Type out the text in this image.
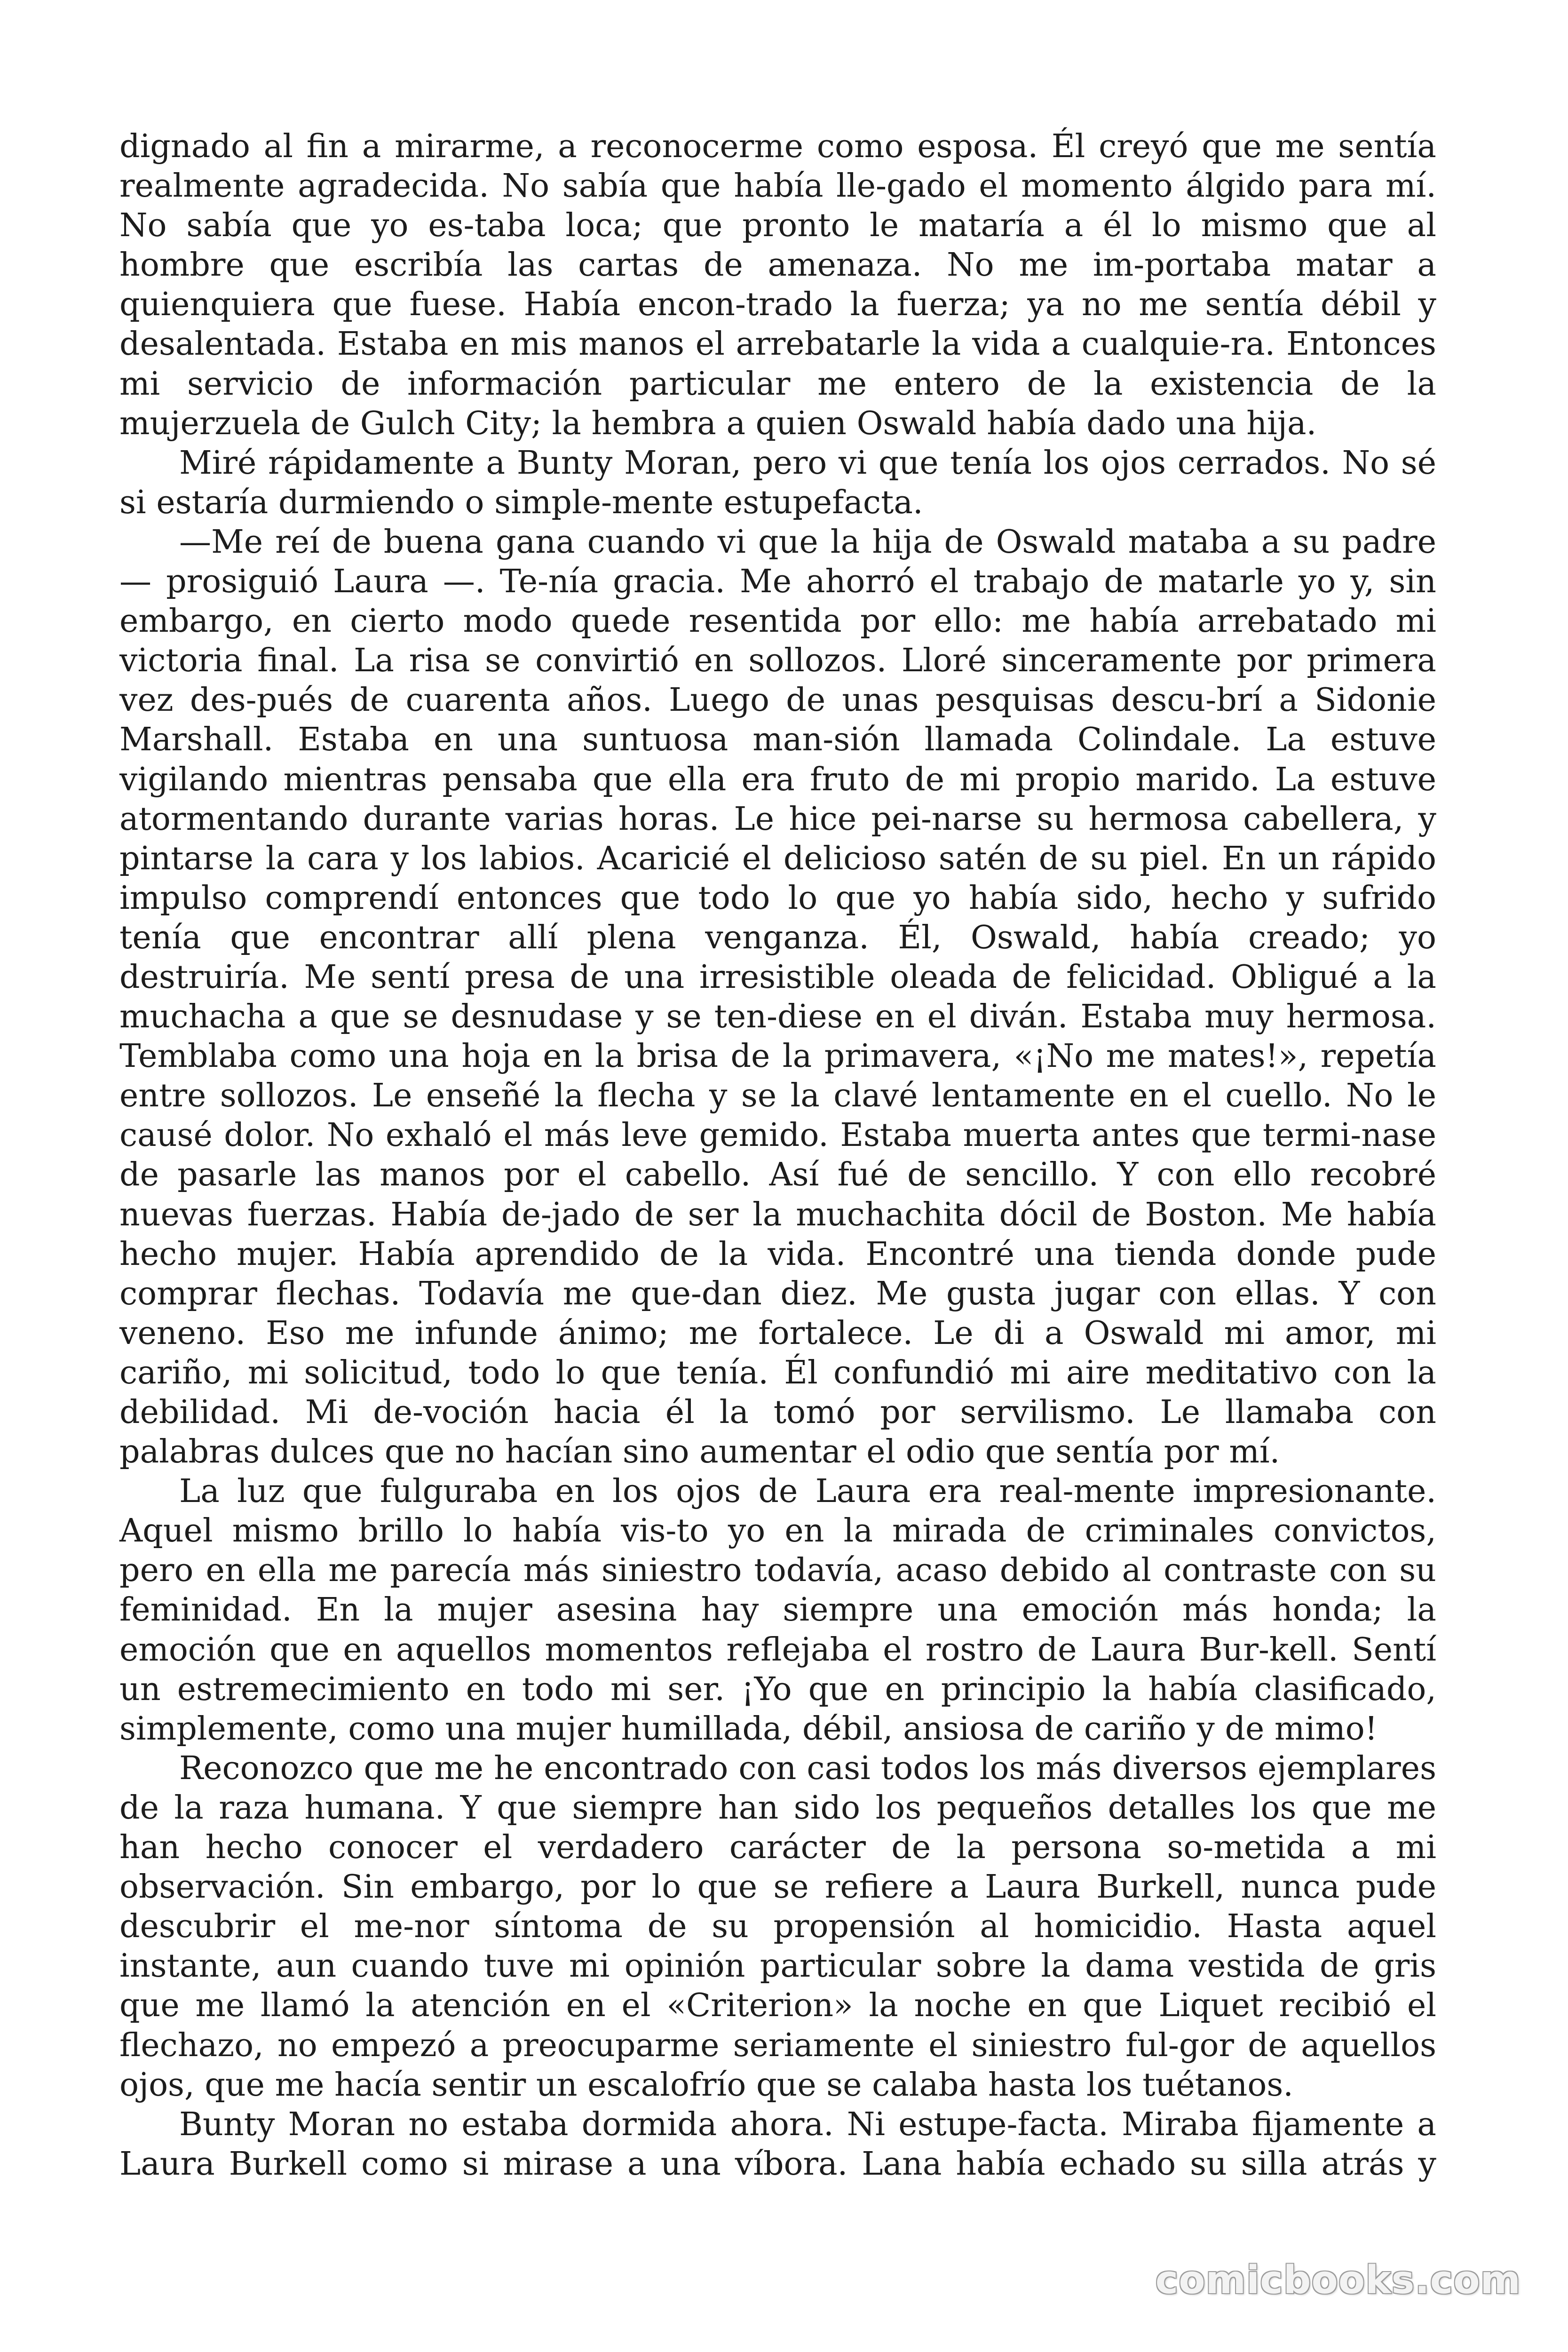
dignado al fin a mirarme, a reconocerme como esposa. Él creyó que me sentía
realmente agradecida. No sabía que había lle-gado el momento álgido para mí.
No sabía que yo es-taba loca; que pronto le mataría a él lo mismo que al
hombre que escribía las cartas de amenaza. No me im-portaba matar a
quienquiera que fuese. Había encon-trado la fuerza; ya no me sentía débil y
desalentada. Estaba en mis manos el arrebatarle la vida a cualquie-ra. Entonces
mi servicio de información particular me entero de la existencia de la
mujerzuela de Gulch City; la hembra a quien Oswald había dado una hija.
Miré rápidamente a Bunty Moran, pero vi que tenía los ojos cerrados. No sé
si estaría durmiendo o simple-mente estupefacta.
—Me reí de buena gana cuando vi que la hija de Oswald mataba a su padre
— prosiguió Laura —. Te-nía gracia. Me ahorró el trabajo de matarle yo y, sin
embargo, en cierto modo quede resentida por ello: me había arrebatado mi
victoria final. La risa se convirtió en sollozos. Lloré sinceramente por primera
vez des-pués de cuarenta años. Luego de unas pesquisas descu-brí a Sidonie
Marshall. Estaba en una suntuosa man-sión llamada Colindale. La estuve
vigilando mientras pensaba que ella era fruto de mi propio marido. La estuve
atormentando durante varias horas. Le hice pei-narse su hermosa cabellera, y
pintarse la cara y los labios. Acaricié el delicioso satén de su piel. En un rápido
impulso comprendí entonces que todo lo que yo había sido, hecho y sufrido
tenía que encontrar allí plena venganza. Él, Oswald, había creado; yo
destruiría. Me sentí presa de una irresistible oleada de felicidad. Obligué a la
muchacha a que se desnudase y se ten-diese en el diván. Estaba muy hermosa.
Temblaba como una hoja en la brisa de la primavera, «¡No me mates!», repetía
entre sollozos. Le enseñé la flecha y se la clavé lentamente en el cuello. No le
causé dolor. No exhaló el más leve gemido. Estaba muerta antes que termi-nase
de pasarle las manos por el cabello. Así fué de sencillo. Y con ello recobré
nuevas fuerzas. Había de-jado de ser la muchachita dócil de Boston. Me había
hecho mujer. Había aprendido de la vida. Encontré una tienda donde pude
comprar flechas. Todavía me que-dan diez. Me gusta jugar con ellas. Y con
veneno. Eso me infunde ánimo; me fortalece. Le di a Oswald mi amor, mi
cariño, mi solicitud, todo lo que tenía. Él confundió mi aire meditativo con la
debilidad. Mi de-voción hacia él la tomó por servilismo. Le llamaba con
palabras dulces que no hacían sino aumentar el odio que sentía por mí.
La luz que fulguraba en los ojos de Laura era real-mente impresionante.
Aquel mismo brillo lo había vis-to yo en la mirada de criminales convictos,
pero en ella me parecía más siniestro todavía, acaso debido al contraste con su
feminidad. En la mujer asesina hay siempre una emoción más honda; la
emoción que en aquellos momentos reflejaba el rostro de Laura Bur-kell. Sentí
un estremecimiento en todo mi ser. ¡Yo que en principio la había clasificado,
simplemente, como una mujer humillada, débil, ansiosa de cariño y de mimo!
Reconozco que me he encontrado con casi todos los más diversos ejemplares
de la raza humana. Y que siempre han sido los pequeños detalles los que me
han hecho conocer el verdadero carácter de la persona so-metida a mi
observación. Sin embargo, por lo que se refiere a Laura Burkell, nunca pude
descubrir el me-nor síntoma de su propensión al homicidio. Hasta aquel
instante, aun cuando tuve mi opinión particular sobre la dama vestida de gris
que me llamó la atención en el «Criterion» la noche en que Liquet recibió el
flechazo, no empezó a preocuparme seriamente el siniestro ful-gor de aquellos
ojos, que me hacía sentir un escalofrío que se calaba hasta los tuétanos.
Bunty Moran no estaba dormida ahora. Ni estupe-facta. Miraba fijamente a
Laura Burkell como si mirase a una víbora. Lana había echado su silla atrás y
comicbooks.com
